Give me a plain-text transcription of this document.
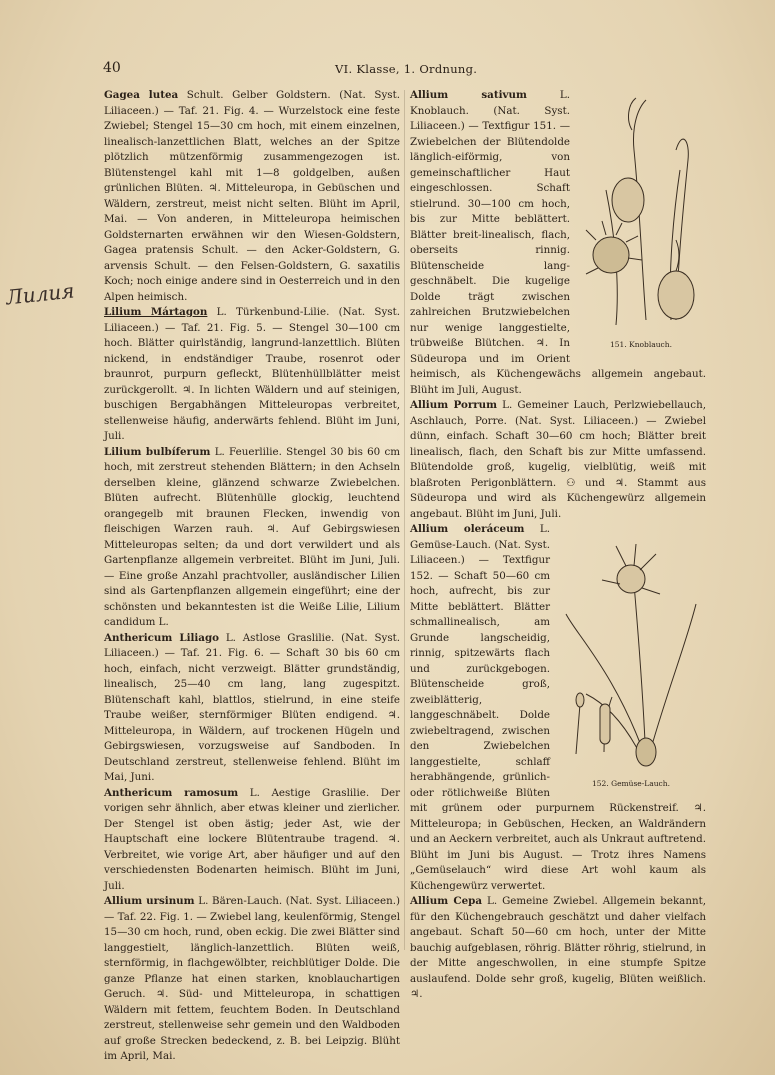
40	VI. Klasse, 1. Ordnung.
Лилия

Gagea lutea Schult. Gelber Goldstern. (Nat. Syst. Liliaceen.) — Taf. 21. Fig. 4. — Wurzelstock eine feste Zwiebel; Stengel 15—30 cm hoch, mit einem einzelnen, linealisch-lanzettlichen Blatt, welches an der Spitze plötzlich mützenförmig zusammengezogen ist. Blütenstengel kahl mit 1—8 goldgelben, außen grünlichen Blüten. ♃. Mitteleuropa, in Gebüschen und Wäldern, zerstreut, meist nicht selten. Blüht im April, Mai. — Von anderen, in Mitteleuropa heimischen Goldsternarten erwähnen wir den Wiesen-Goldstern, Gagea pratensis Schult. — den Acker-Goldstern, G. arvensis Schult. — den Felsen-Goldstern, G. saxatilis Koch; noch einige andere sind in Oesterreich und in den Alpen heimisch.

Lilium Mártagon L. Türkenbund-Lilie. (Nat. Syst. Liliaceen.) — Taf. 21. Fig. 5. — Stengel 30—100 cm hoch. Blätter quirlständig, langrund-lanzettlich. Blüten nickend, in endständiger Traube, rosenrot oder braunrot, purpurn gefleckt, Blütenhüllblätter meist zurückgerollt. ♃. In lichten Wäldern und auf steinigen, buschigen Bergabhängen Mitteleuropas verbreitet, stellenweise häufig, anderwärts fehlend. Blüht im Juni, Juli.

Lilium bulbíferum L. Feuerlilie. Stengel 30 bis 60 cm hoch, mit zerstreut stehenden Blättern; in den Achseln derselben kleine, glänzend schwarze Zwiebelchen. Blüten aufrecht. Blütenhülle glockig, leuchtend orangegelb mit braunen Flecken, inwendig von fleischigen Warzen rauh. ♃. Auf Gebirgswiesen Mitteleuropas selten; da und dort verwildert und als Gartenpflanze allgemein verbreitet. Blüht im Juni, Juli. — Eine große Anzahl prachtvoller, ausländischer Lilien sind als Gartenpflanzen allgemein eingeführt; eine der schönsten und bekanntesten ist die Weiße Lilie, Lilium candidum L.

Anthericum Liliago L. Astlose Graslilie. (Nat. Syst. Liliaceen.) — Taf. 21. Fig. 6. — Schaft 30 bis 60 cm hoch, einfach, nicht verzweigt. Blätter grundständig, linealisch, 25—40 cm lang, lang zugespitzt. Blütenschaft kahl, blattlos, stielrund, in eine steife Traube weißer, sternförmiger Blüten endigend. ♃. Mitteleuropa, in Wäldern, auf trockenen Hügeln und Gebirgswiesen, vorzugsweise auf Sandboden. In Deutschland zerstreut, stellenweise fehlend. Blüht im Mai, Juni.

Anthericum ramosum L. Aestige Graslilie. Der vorigen sehr ähnlich, aber etwas kleiner und zierlicher. Der Stengel ist oben ästig; jeder Ast, wie der Hauptschaft eine lockere Blütentraube tragend. ♃. Verbreitet, wie vorige Art, aber häufiger und auf den verschiedensten Bodenarten heimisch. Blüht im Juni, Juli.

Allium ursinum L. Bären-Lauch. (Nat. Syst. Liliaceen.) — Taf. 22. Fig. 1. — Zwiebel lang, keulenförmig, Stengel 15—30 cm hoch, rund, oben eckig. Die zwei Blätter sind langgestielt, länglich-lanzettlich. Blüten weiß, sternförmig, in flachgewölbter, reichblütiger Dolde. Die ganze Pflanze hat einen starken, knoblauchartigen Geruch. ♃. Süd- und Mitteleuropa, in schattigen Wäldern mit fettem, feuchtem Boden. In Deutschland zerstreut, stellenweise sehr gemein und den Waldboden auf große Strecken bedeckend, z. B. bei Leipzig. Blüht im April, Mai.

151. Knoblauch.
Allium sativum	L. Knoblauch. (Nat. Syst. Liliaceen.) — Textfigur 151. — Zwiebelchen der Blütendolde länglich-eiförmig, von gemeinschaftlicher Haut eingeschlossen. Schaft stielrund. 30—100 cm hoch, bis zur Mitte beblättert. Blätter breit-linealisch, flach, oberseits rinnig. Blütenscheide lang-geschnäbelt. Die kugelige Dolde trägt zwischen zahlreichen Brutzwiebelchen nur wenige langgestielte, trübweiße Blütchen. ♃. In Südeuropa und im Orient heimisch, als Küchengewächs allgemein angebaut. Blüht im Juli, August.

Allium Porrum L. Gemeiner Lauch, Perlzwiebellauch, Aschlauch, Porre. (Nat. Syst. Liliaceen.) — Zwiebel dünn, einfach. Schaft 30—60 cm hoch; Blätter breit linealisch, flach, den Schaft bis zur Mitte umfassend. Blütendolde groß, kugelig, vielblütig, weiß mit blaßroten Perigonblättern. ⚇ und ♃. Stammt aus Südeuropa und wird als Küchengewürz allgemein angebaut. Blüht im Juni, Juli.

152. Gemüse-Lauch.
Allium oleráceum L. Gemüse-Lauch. (Nat. Syst. Liliaceen.) — Textfigur 152. — Schaft 50—60 cm hoch, aufrecht, bis zur Mitte beblättert. Blätter schmallinealisch, am Grunde langscheidig, rinnig, spitzewärts flach und zurückgebogen. Blütenscheide groß, zweiblätterig, langgeschnäbelt. Dolde zwiebeltragend, zwischen den Zwiebelchen langgestielte, schlaff herabhängende, grünlich- oder rötlichweiße Blüten mit grünem oder purpurnem Rückenstreif. ♃. Mitteleuropa; in Gebüschen, Hecken, an Waldrändern und an Aeckern verbreitet, auch als Unkraut auftretend. Blüht im Juni bis August. — Trotz ihres Namens „Gemüselauch“ wird diese Art wohl kaum als Küchengewürz verwertet.

Allium Cepa L. Gemeine Zwiebel. Allgemein bekannt, für den Küchengebrauch geschätzt und daher vielfach angebaut. Schaft 50—60 cm hoch, unter der Mitte bauchig aufgeblasen, röhrig. Blätter röhrig, stielrund, in der Mitte angeschwollen, in eine stumpfe Spitze auslaufend. Dolde sehr groß, kugelig, Blüten weißlich. ♃.
